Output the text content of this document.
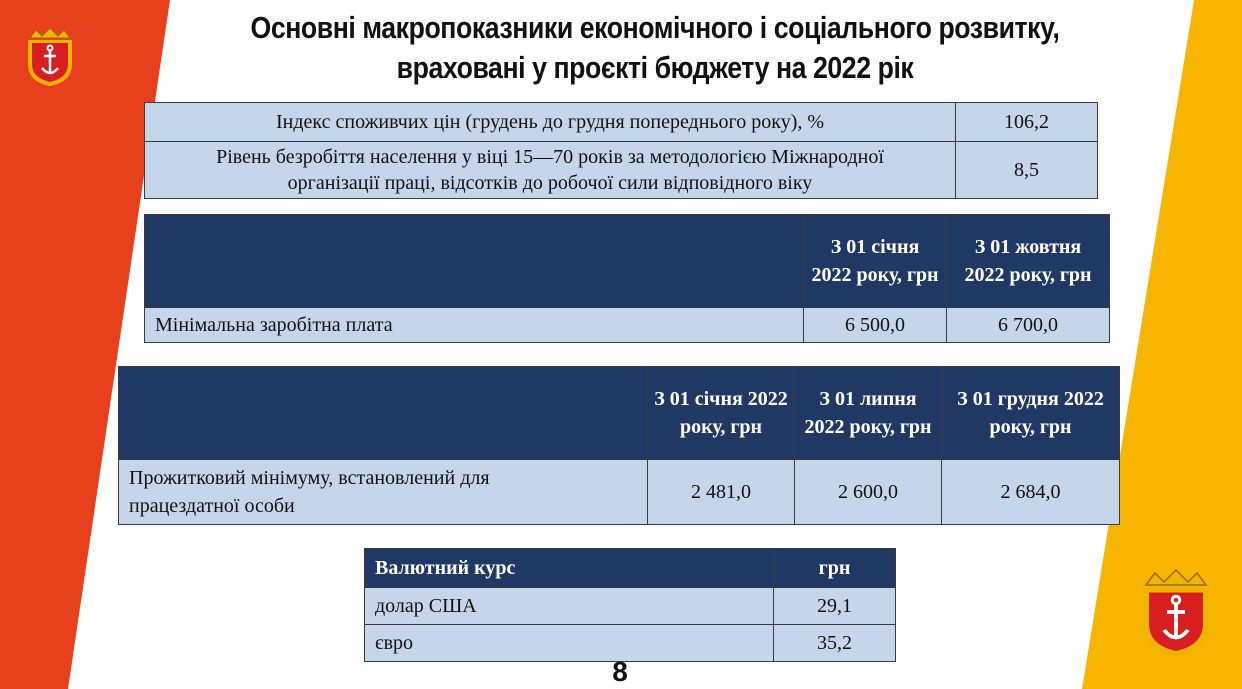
Основні макропоказники економічного і соціального розвитку,
враховані у проєкті бюджету на 2022 рік
Індекс споживчих цін (грудень до грудня попереднього року), %	106,2

Рівень безробіття населення у віці 15—70 років за методологією Міжнародної
організації праці, відсотків до робочої сили відповідного віку	8,5
	З 01 січня 2022 року, грн	З 01 жовтня 2022 року, грн
Мінімальна заробітна плата	6 500,0	6 700,0
	З 01 січня 2022 року, грн	З 01 липня 2022 року, грн	З 01 грудня 2022 року, грн

Прожитковий мінімуму, встановлений для
працездатної особи	2 481,0	2 600,0	2 684,0
Валютний курс	грн
долар США	29,1
євро	35,2
8
